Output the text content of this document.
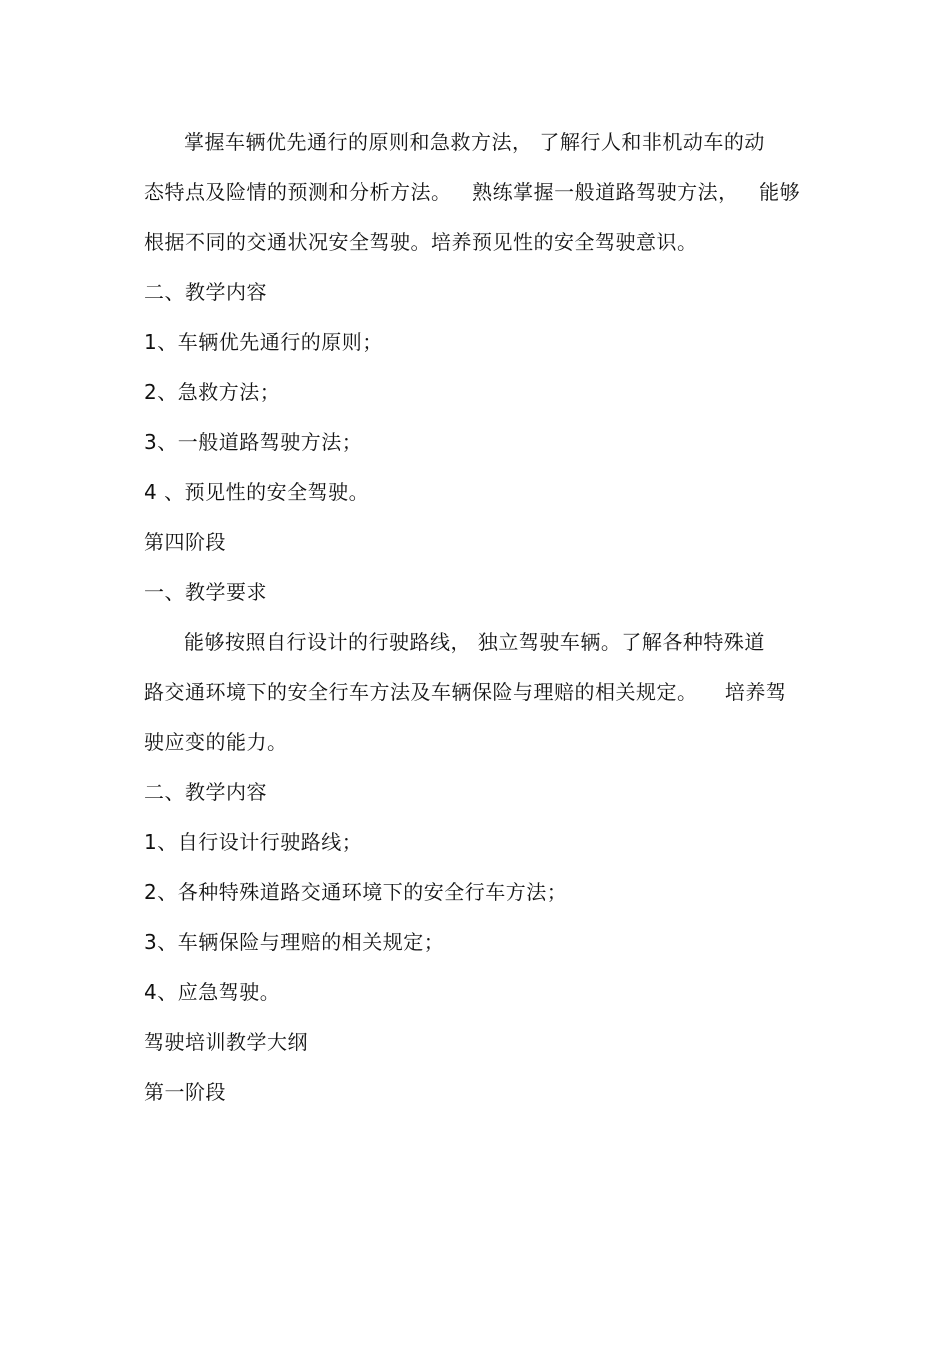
掌握车辆优先通行的原则和急救方法， 了解行人和非机动车的动
态特点及险情的预测和分析方法。   熟练掌握一般道路驾驶方法，   能够
根据不同的交通状况安全驾驶。培养预见性的安全驾驶意识。
二、教学内容
1、车辆优先通行的原则；
2、急救方法；
3、一般道路驾驶方法；
4 、预见性的安全驾驶。
第四阶段
一、教学要求
能够按照自行设计的行驶路线， 独立驾驶车辆。了解各种特殊道
路交通环境下的安全行车方法及车辆保险与理赔的相关规定。    培养驾
驶应变的能力。
二、教学内容
1、自行设计行驶路线；
2、各种特殊道路交通环境下的安全行车方法；
3、车辆保险与理赔的相关规定；
4、应急驾驶。
驾驶培训教学大纲
第一阶段
